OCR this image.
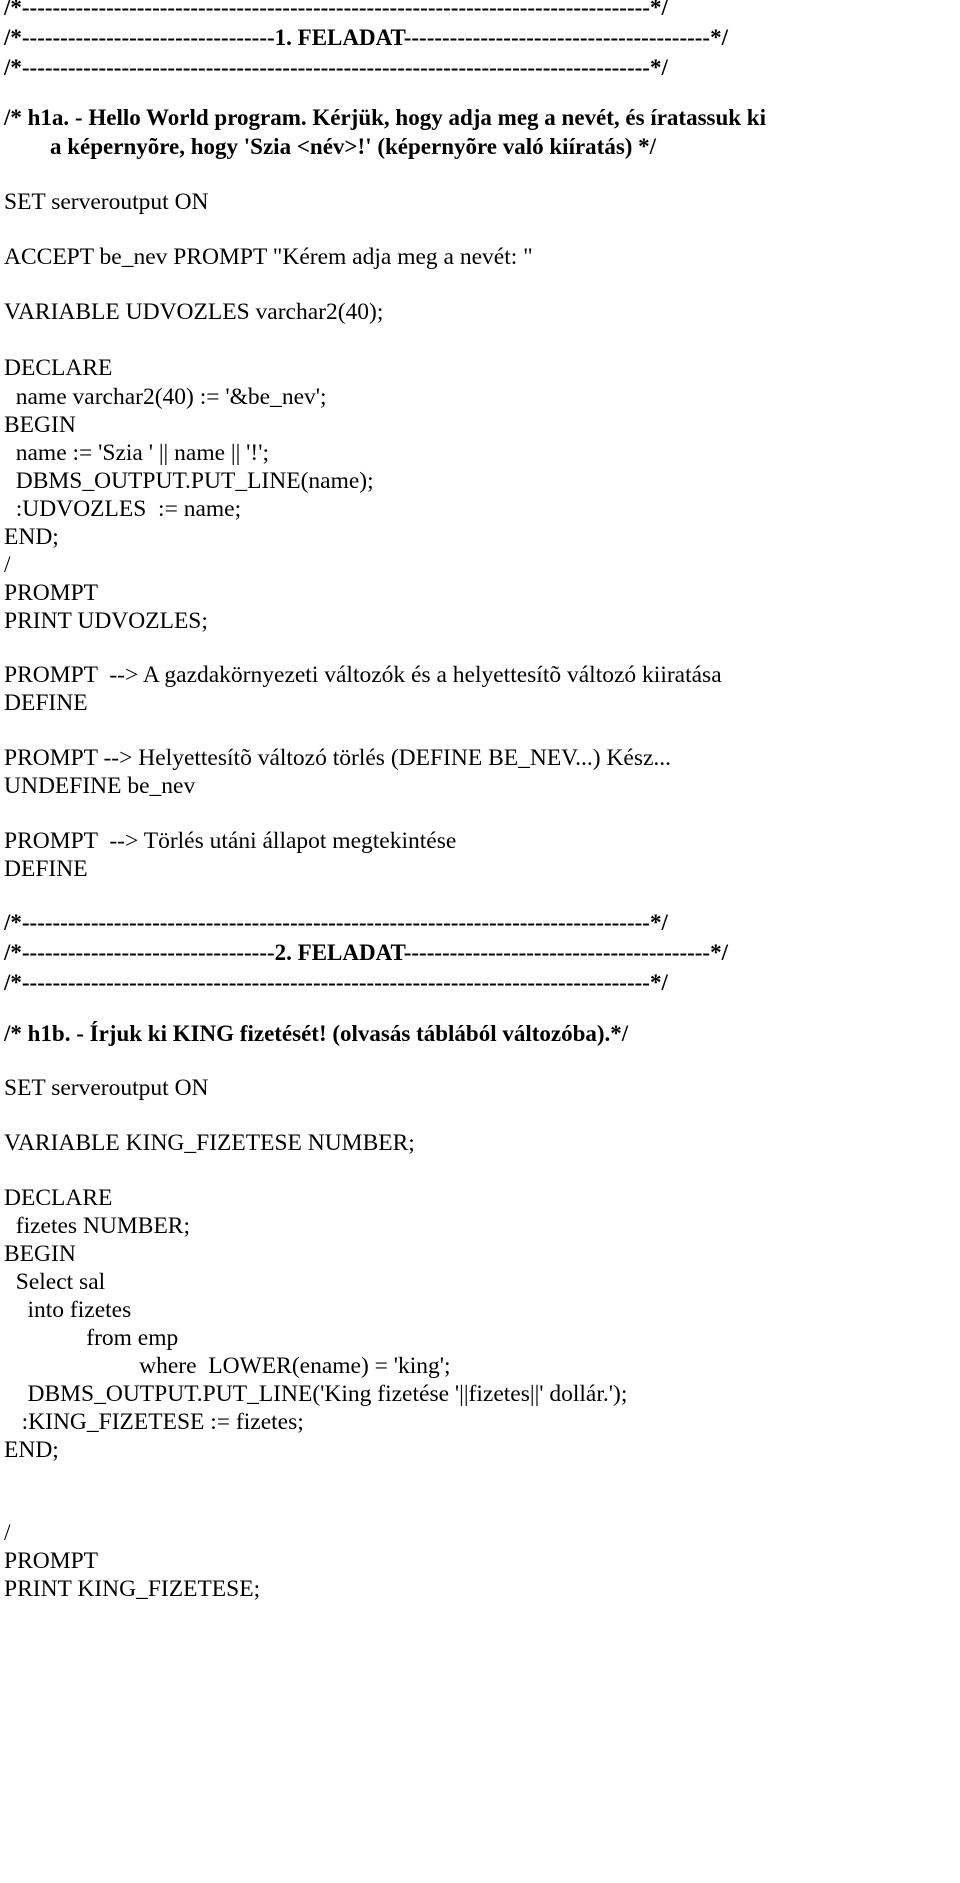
/*----------------------------------------------------------------------------------*/
/*---------------------------------1. FELADAT----------------------------------------*/
/*----------------------------------------------------------------------------------*/
/* h1a. - Hello World program. Kérjük, hogy adja meg a nevét, és íratassuk ki
a képernyõre, hogy 'Szia <név>!' (képernyõre való kiíratás) */
SET serveroutput ON
ACCEPT be_nev PROMPT "Kérem adja meg a nevét: "
VARIABLE UDVOZLES varchar2(40);
DECLARE
name varchar2(40) := '&be_nev';
BEGIN
name := 'Szia ' || name || '!';
DBMS_OUTPUT.PUT_LINE(name);
:UDVOZLES  := name;
END;
/
PROMPT
PRINT UDVOZLES;
PROMPT  --> A gazdakörnyezeti változók és a helyettesítõ változó kiiratása
DEFINE
PROMPT --> Helyettesítõ változó törlés (DEFINE BE_NEV...) Kész...
UNDEFINE be_nev
PROMPT  --> Törlés utáni állapot megtekintése
DEFINE
/*----------------------------------------------------------------------------------*/
/*---------------------------------2. FELADAT----------------------------------------*/
/*----------------------------------------------------------------------------------*/
/* h1b. - Írjuk ki KING fizetését! (olvasás táblából változóba).*/
SET serveroutput ON
VARIABLE KING_FIZETESE NUMBER;
DECLARE
fizetes NUMBER;
BEGIN
Select sal
into fizetes
from emp
where  LOWER(ename) = 'king';
DBMS_OUTPUT.PUT_LINE('King fizetése '||fizetes||' dollár.');
:KING_FIZETESE := fizetes;
END;
/
PROMPT
PRINT KING_FIZETESE;
